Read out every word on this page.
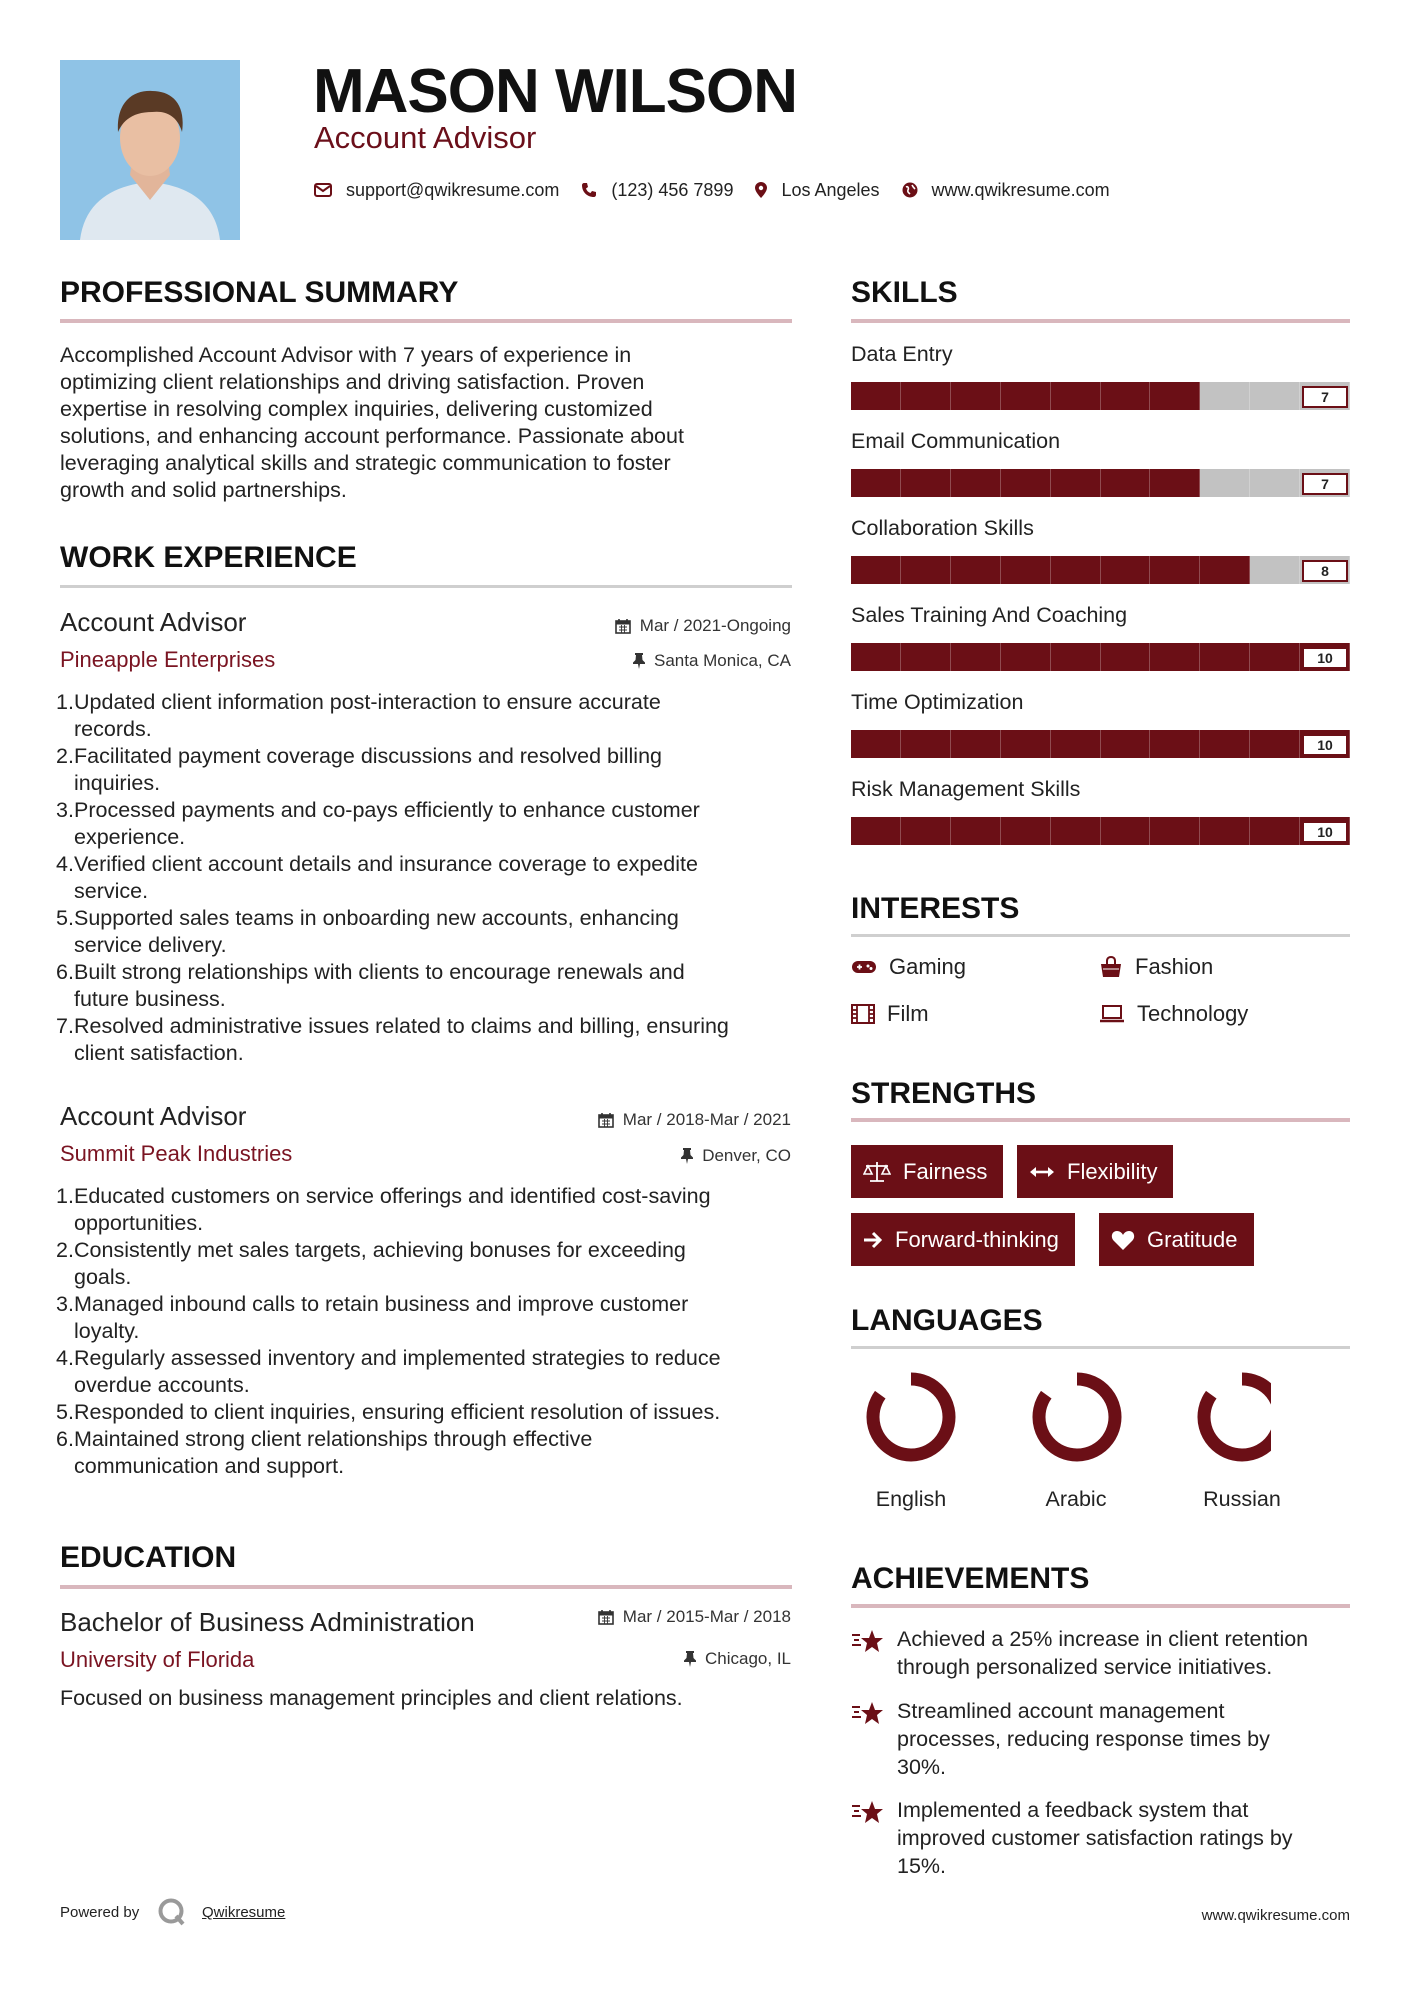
MASON WILSON
Account Advisor
support@qwikresume.com	(123) 456 7899	Los Angeles	www.qwikresume.com
PROFESSIONAL SUMMARY
Accomplished Account Advisor with 7 years of experience in
optimizing client relationships and driving satisfaction. Proven
expertise in resolving complex inquiries, delivering customized
solutions, and enhancing account performance. Passionate about
leveraging analytical skills and strategic communication to foster
growth and solid partnerships.
WORK EXPERIENCE
Account Advisor
Pineapple Enterprises
Mar / 2021-Ongoing
Santa Monica, CA
1. Updated client information post-interaction to ensure accurate
records.
2. Facilitated payment coverage discussions and resolved billing
inquiries.
3. Processed payments and co-pays efficiently to enhance customer
experience.
4. Verified client account details and insurance coverage to expedite
service.
5. Supported sales teams in onboarding new accounts, enhancing
service delivery.
6. Built strong relationships with clients to encourage renewals and
future business.
7. Resolved administrative issues related to claims and billing, ensuring
client satisfaction.
Account Advisor
Summit Peak Industries
Mar / 2018-Mar / 2021
Denver, CO
1. Educated customers on service offerings and identified cost-saving
opportunities.
2. Consistently met sales targets, achieving bonuses for exceeding
goals.
3. Managed inbound calls to retain business and improve customer
loyalty.
4. Regularly assessed inventory and implemented strategies to reduce
overdue accounts.
5. Responded to client inquiries, ensuring efficient resolution of issues.
6. Maintained strong client relationships through effective
communication and support.
EDUCATION
Bachelor of Business Administration
University of Florida
Mar / 2015-Mar / 2018
Chicago, IL
Focused on business management principles and client relations.
SKILLS
Data Entry
7
Email Communication
7
Collaboration Skills
8
Sales Training And Coaching
10
Time Optimization
10
Risk Management Skills
10
INTERESTS
Gaming	Fashion
Film	Technology
STRENGTHS
Fairness	Flexibility
Forward-thinking	Gratitude
LANGUAGES
English	Arabic	Russian
ACHIEVEMENTS
Achieved a 25% increase in client retention
through personalized service initiatives.
Streamlined account management
processes, reducing response times by
30%.
Implemented a feedback system that
improved customer satisfaction ratings by
15%.
Powered by	Qwikresume	www.qwikresume.com
